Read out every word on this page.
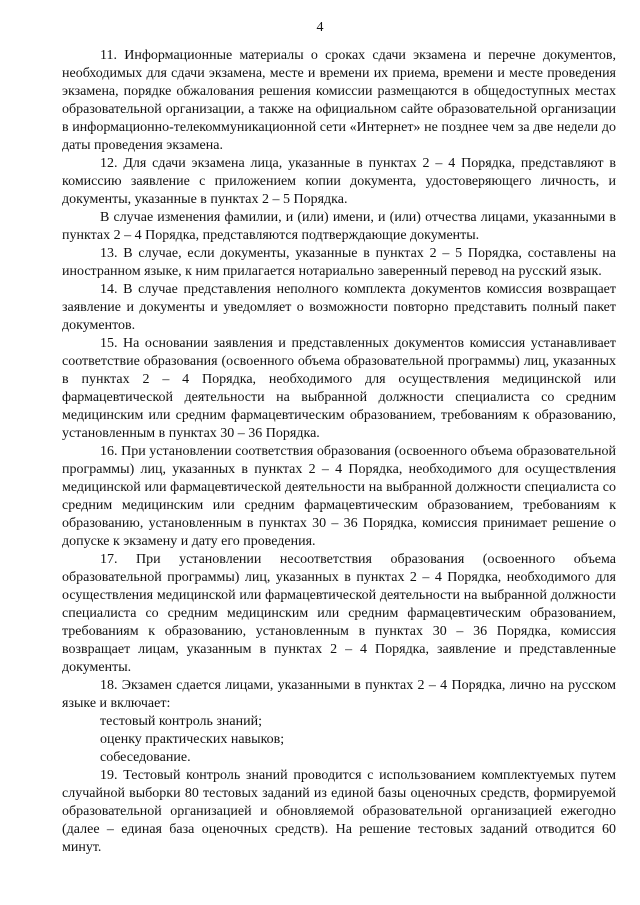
4

11. Информационные материалы о сроках сдачи экзамена и перечне документов, необходимых для сдачи экзамена, месте и времени их приема, времени и месте проведения экзамена, порядке обжалования решения комиссии размещаются в общедоступных местах образовательной организации, а также на официальном сайте образовательной организации в информационно-телекоммуникационной сети «Интернет» не позднее чем за две недели до даты проведения экзамена.

12. Для сдачи экзамена лица, указанные в пунктах 2 – 4 Порядка, представляют в комиссию заявление с приложением копии документа, удостоверяющего личность, и документы, указанные в пунктах 2 – 5 Порядка.

В случае изменения фамилии, и (или) имени, и (или) отчества лицами, указанными в пунктах 2 – 4 Порядка, представляются подтверждающие документы.

13. В случае, если документы, указанные в пунктах 2 – 5 Порядка, составлены на иностранном языке, к ним прилагается нотариально заверенный перевод на русский язык.

14. В случае представления неполного комплекта документов комиссия возвращает заявление и документы и уведомляет о возможности повторно представить полный пакет документов.

15. На основании заявления и представленных документов комиссия устанавливает соответствие образования (освоенного объема образовательной программы) лиц, указанных в пунктах 2 – 4 Порядка, необходимого для осуществления медицинской или фармацевтической деятельности на выбранной должности специалиста со средним медицинским или средним фармацевтическим образованием, требованиям к образованию, установленным в пунктах 30 – 36 Порядка.

16. При установлении соответствия образования (освоенного объема образовательной программы) лиц, указанных в пунктах 2 – 4 Порядка, необходимого для осуществления медицинской или фармацевтической деятельности на выбранной должности специалиста со средним медицинским или средним фармацевтическим образованием, требованиям к образованию, установленным в пунктах 30 – 36 Порядка, комиссия принимает решение о допуске к экзамену и дату его проведения.

17. При установлении несоответствия образования (освоенного объема образовательной программы) лиц, указанных в пунктах 2 – 4 Порядка, необходимого для осуществления медицинской или фармацевтической деятельности на выбранной должности специалиста со средним медицинским или средним фармацевтическим образованием, требованиям к образованию, установленным в пунктах 30 – 36 Порядка, комиссия возвращает лицам, указанным в пунктах 2 – 4 Порядка, заявление и представленные документы.

18. Экзамен сдается лицами, указанными в пунктах 2 – 4 Порядка, лично на русском языке и включает:

тестовый контроль знаний;

оценку практических навыков;

собеседование.

19. Тестовый контроль знаний проводится с использованием комплектуемых путем случайной выборки 80 тестовых заданий из единой базы оценочных средств, формируемой образовательной организацией и обновляемой образовательной организацией ежегодно (далее – единая база оценочных средств). На решение тестовых заданий отводится 60 минут.
